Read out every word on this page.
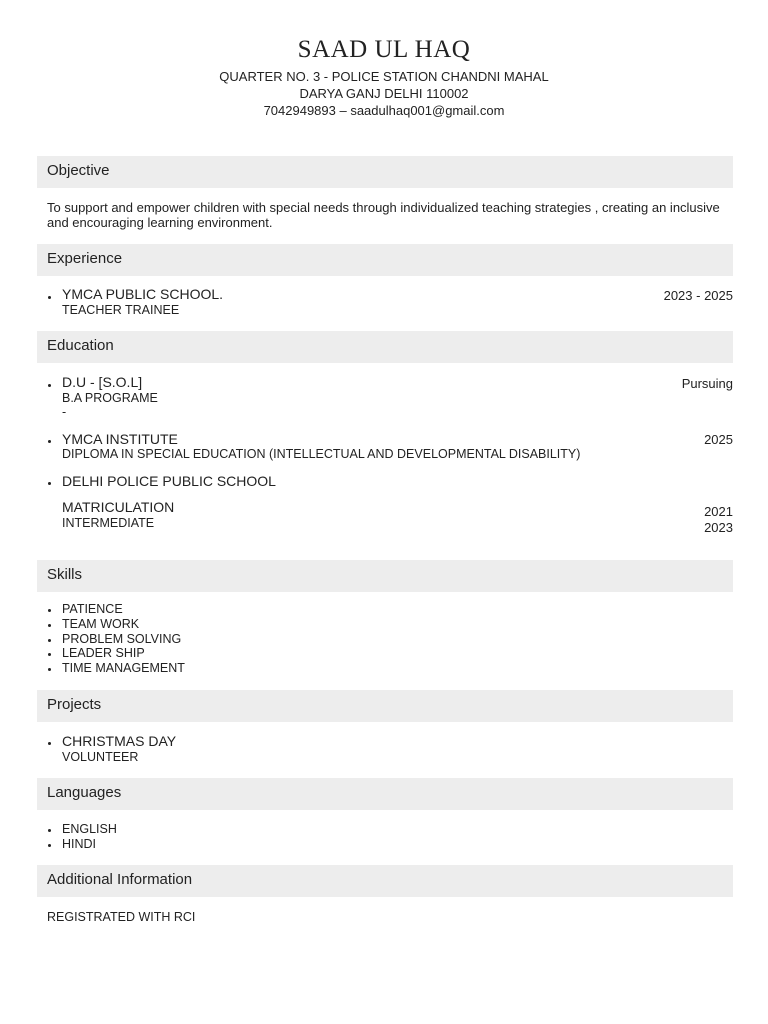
SAAD UL HAQ
QUARTER NO. 3 - POLICE STATION CHANDNI MAHAL
DARYA GANJ DELHI 110002
7042949893 – saadulhaq001@gmail.com
Objective
To support and empower children with special needs through individualized teaching strategies , creating an inclusive and encouraging learning environment.
Experience
YMCA PUBLIC SCHOOL.
TEACHER TRAINEE
2023 - 2025
Education
D.U - [S.O.L]
B.A PROGRAME
-
Pursuing
YMCA INSTITUTE
DIPLOMA IN SPECIAL EDUCATION (INTELLECTUAL AND DEVELOPMENTAL DISABILITY)
2025
DELHI POLICE PUBLIC SCHOOL
MATRICULATION
INTERMEDIATE
2021
2023
Skills
PATIENCE
TEAM WORK
PROBLEM SOLVING
LEADER SHIP
TIME MANAGEMENT
Projects
CHRISTMAS DAY
VOLUNTEER
Languages
ENGLISH
HINDI
Additional Information
REGISTRATED WITH RCI
